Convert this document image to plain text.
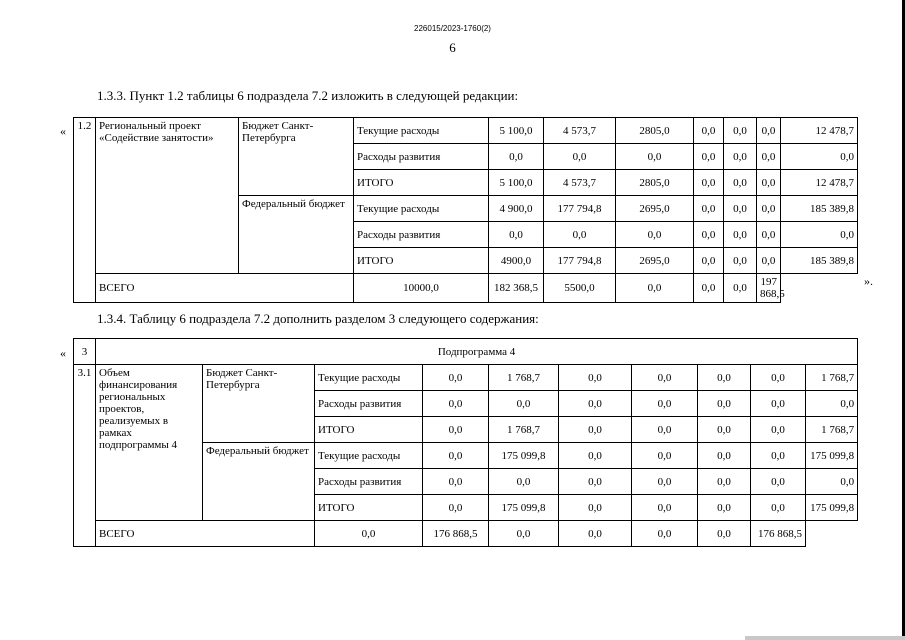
226015/2023-1760(2)
6
1.3.3. Пункт 1.2 таблицы 6 подраздела 7.2 изложить в следующей редакции:
« 1.2	Региональный проект «Содействие занятости»	Бюджет Санкт-Петербурга	Текущие расходы	5 100,0	4 573,7	2805,0	0,0	0,0	0,0	12 478,7
			Расходы развития	0,0	0,0	0,0	0,0	0,0	0,0	0,0
			ИТОГО	5 100,0	4 573,7	2805,0	0,0	0,0	0,0	12 478,7
		Федеральный бюджет	Текущие расходы	4 900,0	177 794,8	2695,0	0,0	0,0	0,0	185 389,8
			Расходы развития	0,0	0,0	0,0	0,0	0,0	0,0	0,0
			ИТОГО	4900,0	177 794,8	2695,0	0,0	0,0	0,0	185 389,8
	ВСЕГО		10000,0	182 368,5	5500,0	0,0	0,0	0,0	197 868,5	
».
1.3.4. Таблицу 6 подраздела 7.2 дополнить разделом 3 следующего содержания:
« 3	Подпрограмма 4									
3.1	Объем финансирования региональных проектов, реализуемых в рамках подпрограммы 4	Бюджет Санкт-Петербурга	Текущие расходы	0,0	1 768,7	0,0	0,0	0,0	0,0	1 768,7
			Расходы развития	0,0	0,0	0,0	0,0	0,0	0,0	0,0
			ИТОГО	0,0	1 768,7	0,0	0,0	0,0	0,0	1 768,7
		Федеральный бюджет	Текущие расходы	0,0	175 099,8	0,0	0,0	0,0	0,0	175 099,8
			Расходы развития	0,0	0,0	0,0	0,0	0,0	0,0	0,0
			ИТОГО	0,0	175 099,8	0,0	0,0	0,0	0,0	175 099,8
	ВСЕГО		0,0	176 868,5	0,0	0,0	0,0	0,0	176 868,5	
